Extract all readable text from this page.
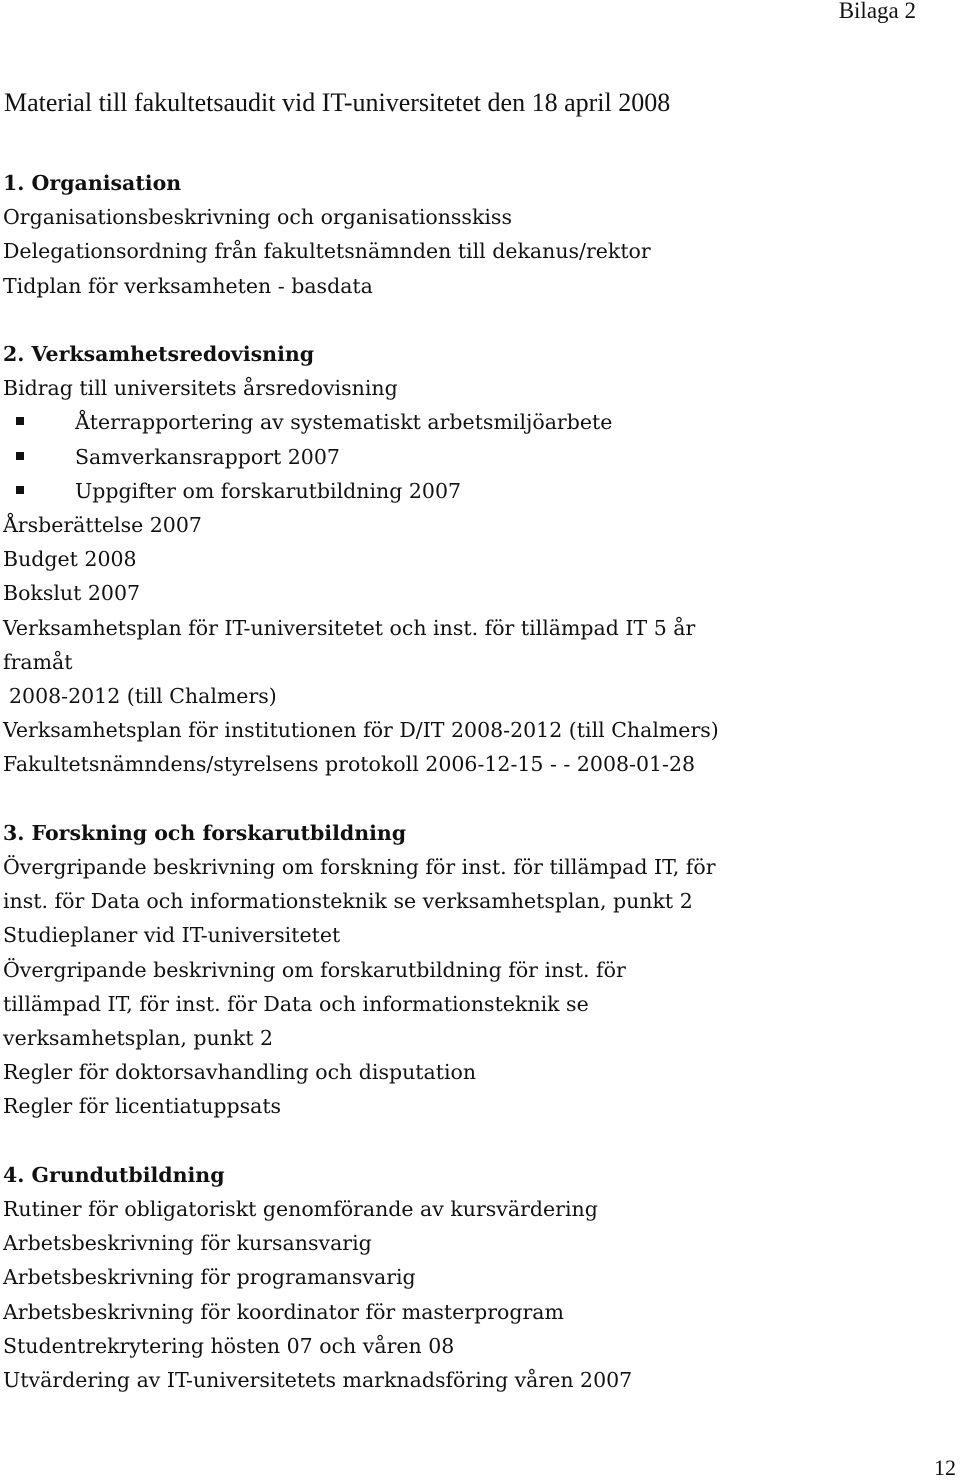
Bilaga 2
Material till fakultetsaudit vid IT-universitetet den 18 april 2008
1. Organisation
Organisationsbeskrivning och organisationsskiss
Delegationsordning från fakultetsnämnden till dekanus/rektor
Tidplan för verksamheten - basdata
2. Verksamhetsredovisning
Bidrag till universitets årsredovisning
Återrapportering av systematiskt arbetsmiljöarbete
Samverkansrapport 2007
Uppgifter om forskarutbildning 2007
Årsberättelse 2007
Budget 2008
Bokslut 2007
Verksamhetsplan för IT-universitetet och inst. för tillämpad IT 5 år
framåt
2008-2012 (till Chalmers)
Verksamhetsplan för institutionen för D/IT 2008-2012 (till Chalmers)
Fakultetsnämndens/styrelsens protokoll 2006-12-15 - - 2008-01-28
3. Forskning och forskarutbildning
Övergripande beskrivning om forskning för inst. för tillämpad IT, för
inst. för Data och informationsteknik se verksamhetsplan, punkt 2
Studieplaner vid IT-universitetet
Övergripande beskrivning om forskarutbildning för inst. för
tillämpad IT, för inst. för Data och informationsteknik se
verksamhetsplan, punkt 2
Regler för doktorsavhandling och disputation
Regler för licentiatuppsats
4. Grundutbildning
Rutiner för obligatoriskt genomförande av kursvärdering
Arbetsbeskrivning för kursansvarig
Arbetsbeskrivning för programansvarig
Arbetsbeskrivning för koordinator för masterprogram
Studentrekrytering hösten 07 och våren 08
Utvärdering av IT-universitetets marknadsföring våren 2007
12
